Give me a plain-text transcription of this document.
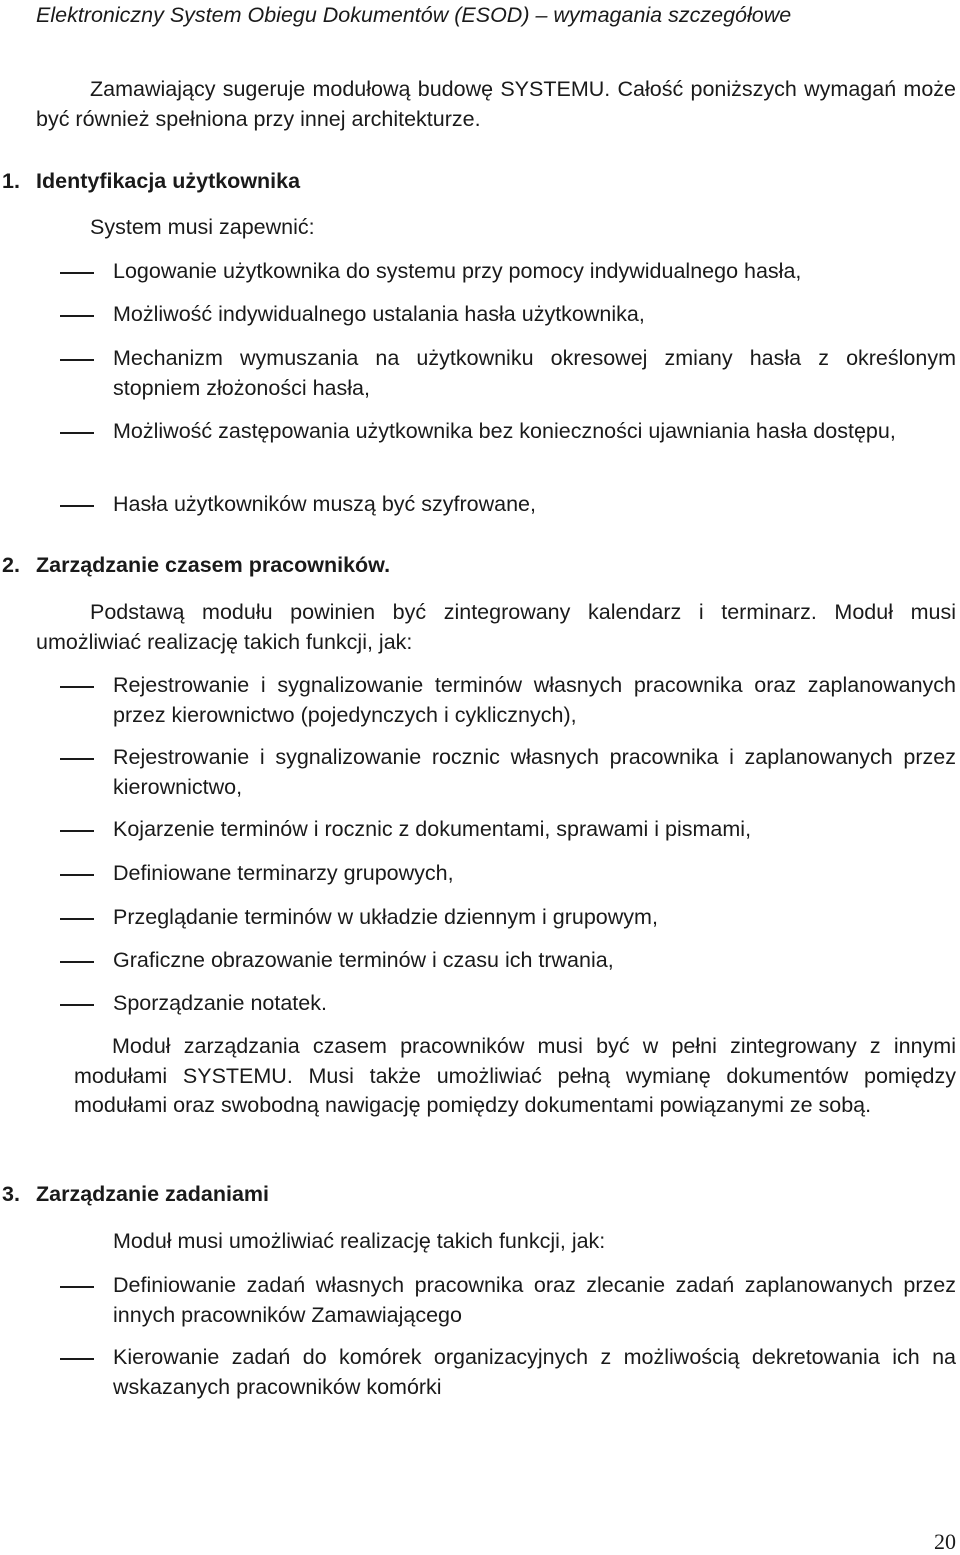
Elektroniczny System Obiegu Dokumentów (ESOD) – wymagania szczegółowe
Zamawiający sugeruje modułową budowę SYSTEMU. Całość poniższych wymagań może być również spełniona przy innej architekturze.
1. Identyfikacja użytkownika
System musi zapewnić:
Logowanie użytkownika do systemu przy pomocy indywidualnego hasła,
Możliwość indywidualnego ustalania hasła użytkownika,
Mechanizm wymuszania na użytkowniku okresowej zmiany hasła z określonym stopniem złożoności hasła,
Możliwość zastępowania użytkownika bez konieczności ujawniania hasła dostępu,
Hasła użytkowników muszą być szyfrowane,
2. Zarządzanie czasem pracowników.
Podstawą modułu powinien być zintegrowany kalendarz i terminarz. Moduł musi umożliwiać realizację takich funkcji, jak:
Rejestrowanie i sygnalizowanie terminów własnych pracownika oraz zaplanowanych przez kierownictwo (pojedynczych i cyklicznych),
Rejestrowanie i sygnalizowanie rocznic własnych pracownika i zaplanowanych przez kierownictwo,
Kojarzenie terminów i rocznic z dokumentami, sprawami i pismami,
Definiowane terminarzy grupowych,
Przeglądanie terminów w układzie dziennym i grupowym,
Graficzne obrazowanie terminów i czasu ich trwania,
Sporządzanie notatek.
Moduł zarządzania czasem pracowników musi być w pełni zintegrowany z innymi modułami SYSTEMU. Musi także umożliwiać pełną wymianę dokumentów pomiędzy modułami oraz swobodną nawigację pomiędzy dokumentami powiązanymi ze sobą.
3. Zarządzanie zadaniami
Moduł musi umożliwiać realizację takich funkcji, jak:
Definiowanie zadań własnych pracownika oraz zlecanie zadań zaplanowanych przez innych pracowników Zamawiającego
Kierowanie zadań do komórek organizacyjnych z możliwością dekretowania ich na wskazanych pracowników komórki
20
